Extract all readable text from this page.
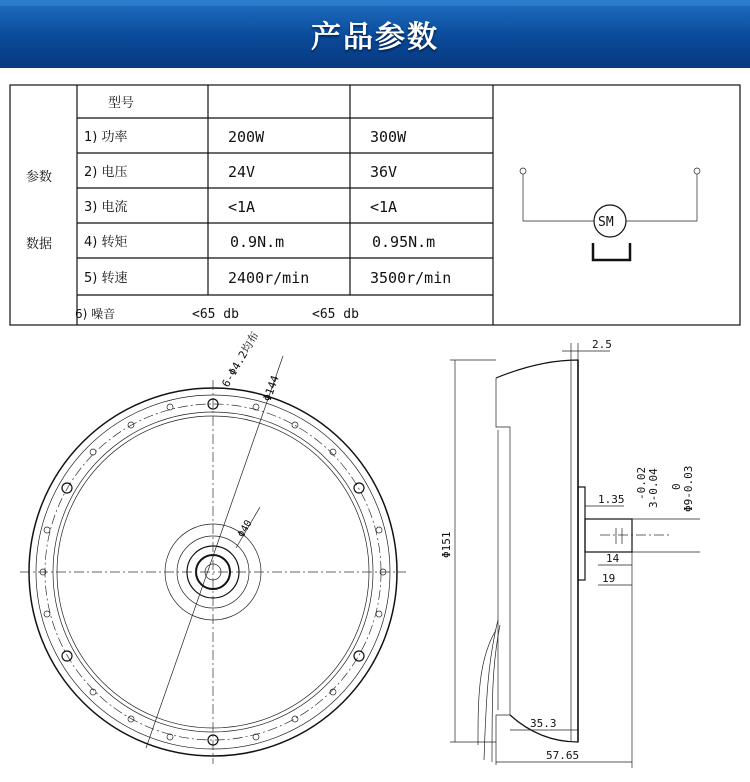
产品参数
参数
数据
型号
1) 功率	200W	300W
2) 电压	24V	36V
3) 电流	<1A	<1A
4) 转矩	0.9N.m	0.95N.m
5) 转速	2400r/min	3500r/min
6) 噪音	<65 db	<65 db
SM
6-Φ4.2均布 Φ144
Φ40
Φ151
2.5
1.35
14
19
-0.02 3-0.04 0 Φ9-0.03
35.3
57.65
